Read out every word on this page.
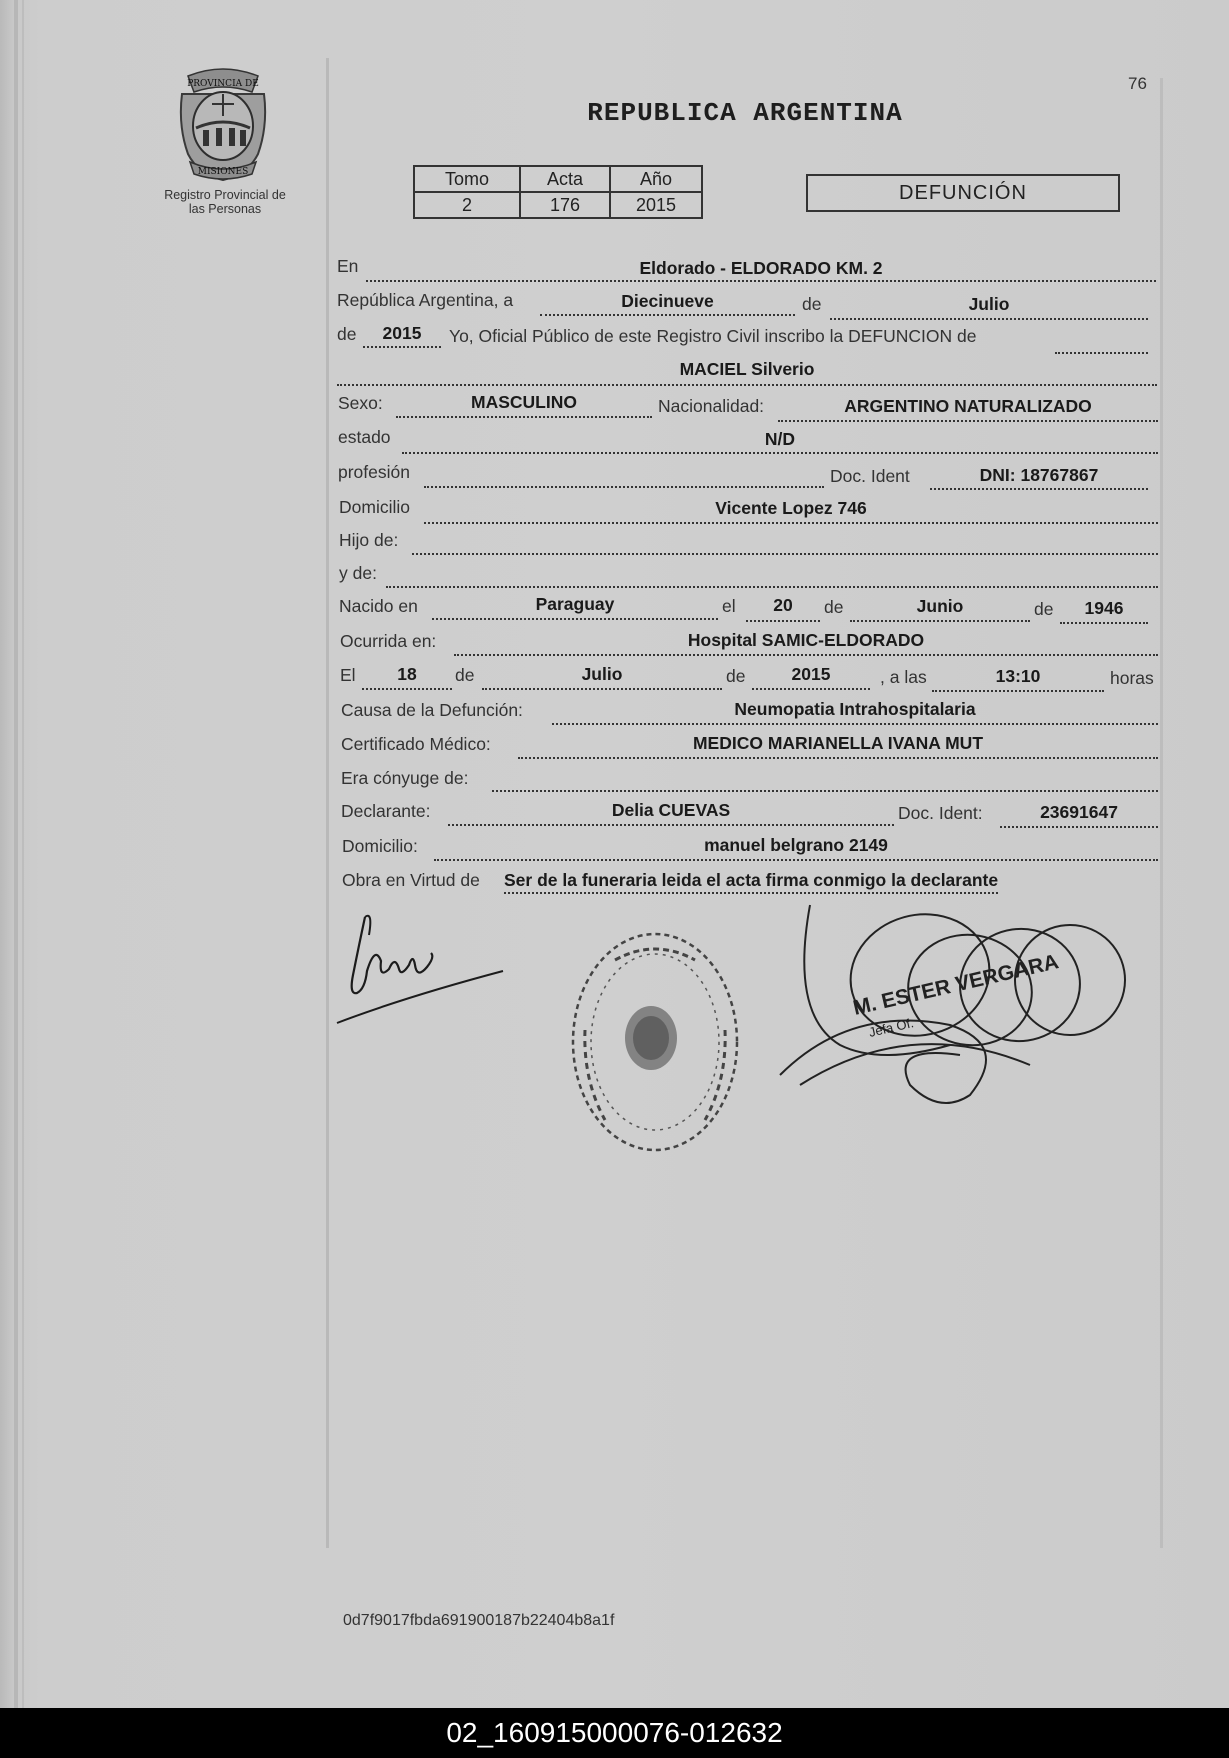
76
REPUBLICA ARGENTINA
PROVINCIA DE
MISIONES
Registro Provincial de
las Personas
Tomo	Acta	Año
2	176	2015
DEFUNCIÓN
En	Eldorado - ELDORADO KM. 2
República Argentina, a	Diecinueve	de	Julio
de	2015	Yo, Oficial Público de este Registro Civil inscribo la DEFUNCION de
MACIEL Silverio
Sexo:	MASCULINO	Nacionalidad:	ARGENTINO NATURALIZADO
estado	N/D
profesión	Doc. Ident	DNI: 18767867
Domicilio	Vicente Lopez 746
Hijo de:
y de:
Nacido en	Paraguay	el	20	de	Junio	de	1946
Ocurrida en:	Hospital SAMIC-ELDORADO
El	18	de	Julio	de	2015	, a las	13:10	horas
Causa de la Defunción:	Neumopatia Intrahospitalaria
Certificado Médico:	MEDICO MARIANELLA IVANA MUT
Era cónyuge de:
Declarante:	Delia CUEVAS	Doc. Ident:	23691647
Domicilio:	manuel belgrano 2149
Obra en Virtud de Ser de la funeraria leida el acta firma conmigo la declarante
M. ESTER VERGARA
Jefa Of.
0d7f9017fbda691900187b22404b8a1f
02_160915000076-012632
